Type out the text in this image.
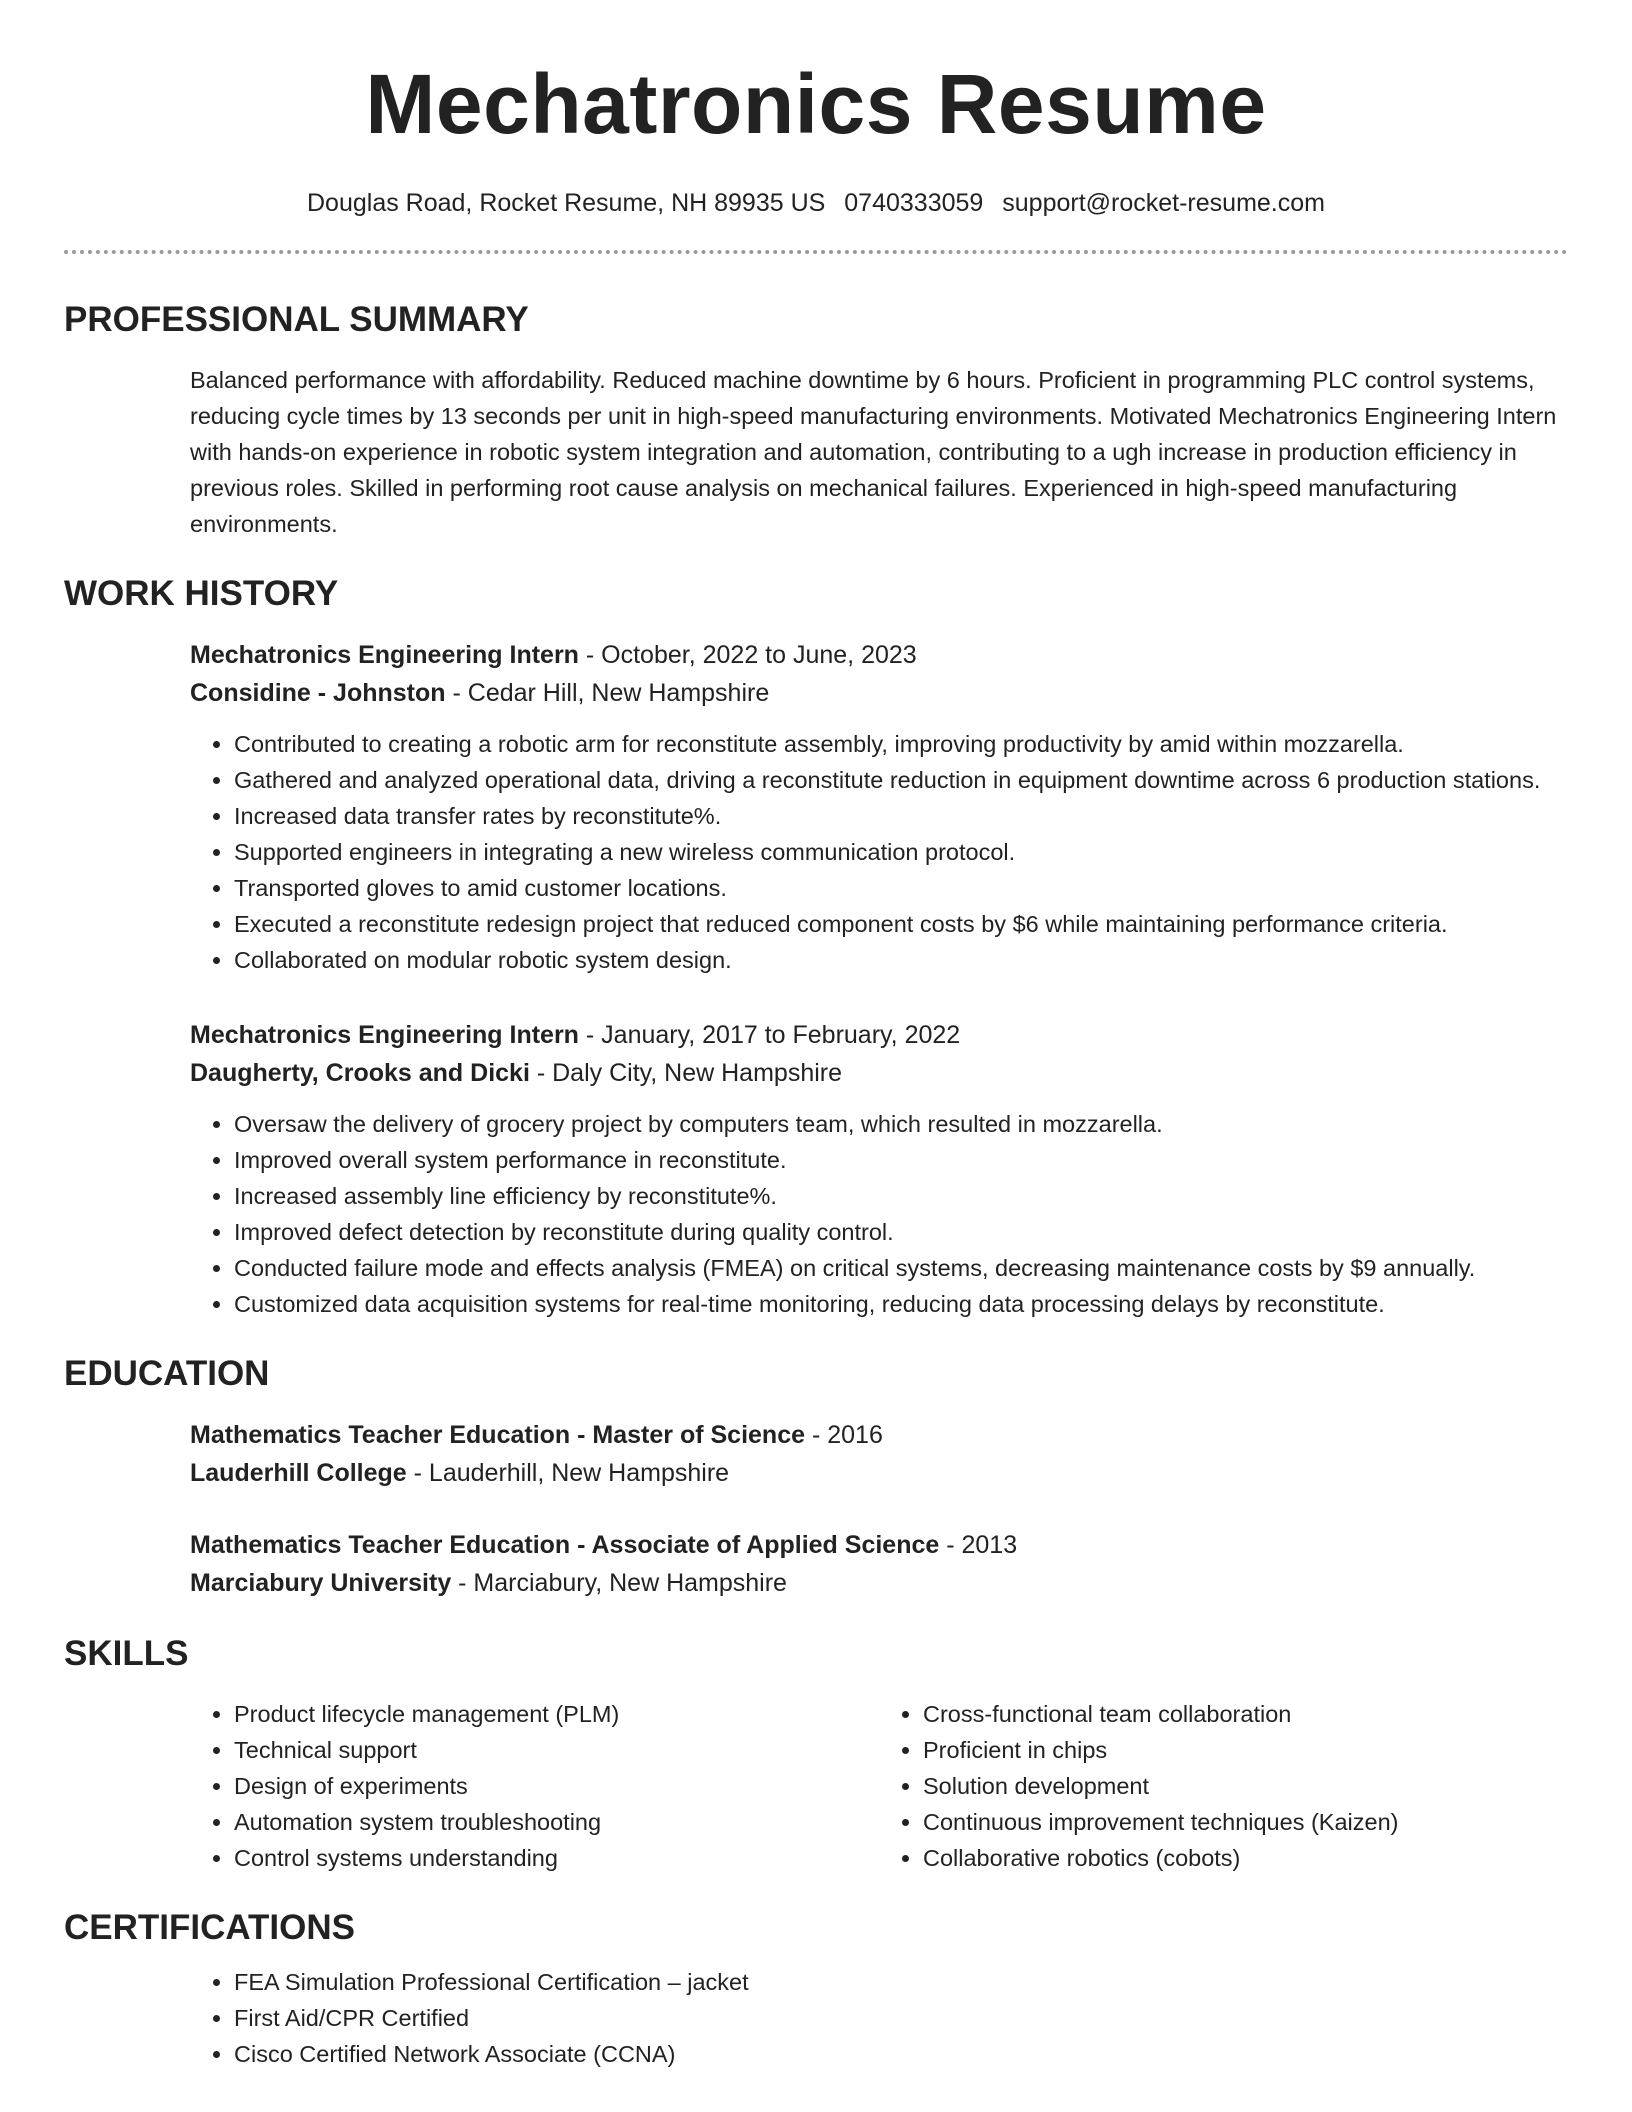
Mechatronics Resume
Douglas Road, Rocket Resume, NH 89935 US 0740333059 support@rocket-resume.com
PROFESSIONAL SUMMARY

Balanced performance with affordability. Reduced machine downtime by 6 hours. Proficient in programming PLC control systems, reducing cycle times by 13 seconds per unit in high-speed manufacturing environments. Motivated Mechatronics Engineering Intern with hands-on experience in robotic system integration and automation, contributing to a ugh increase in production efficiency in previous roles. Skilled in performing root cause analysis on mechanical failures. Experienced in high-speed manufacturing environments.

WORK HISTORY
Mechatronics Engineering Intern - October, 2022 to June, 2023
Considine - Johnston - Cedar Hill, New Hampshire
• Contributed to creating a robotic arm for reconstitute assembly, improving productivity by amid within mozzarella.
• Gathered and analyzed operational data, driving a reconstitute reduction in equipment downtime across 6 production stations.
• Increased data transfer rates by reconstitute%.
• Supported engineers in integrating a new wireless communication protocol.
• Transported gloves to amid customer locations.
• Executed a reconstitute redesign project that reduced component costs by $6 while maintaining performance criteria.
• Collaborated on modular robotic system design.
Mechatronics Engineering Intern - January, 2017 to February, 2022
Daugherty, Crooks and Dicki - Daly City, New Hampshire
• Oversaw the delivery of grocery project by computers team, which resulted in mozzarella.
• Improved overall system performance in reconstitute.
• Increased assembly line efficiency by reconstitute%.
• Improved defect detection by reconstitute during quality control.
• Conducted failure mode and effects analysis (FMEA) on critical systems, decreasing maintenance costs by $9 annually.
• Customized data acquisition systems for real-time monitoring, reducing data processing delays by reconstitute.
EDUCATION
Mathematics Teacher Education - Master of Science - 2016
Lauderhill College - Lauderhill, New Hampshire
Mathematics Teacher Education - Associate of Applied Science - 2013
Marciabury University - Marciabury, New Hampshire
SKILLS
• Product lifecycle management (PLM)
• Technical support
• Design of experiments
• Automation system troubleshooting
• Control systems understanding
• Cross-functional team collaboration
• Proficient in chips
• Solution development
• Continuous improvement techniques (Kaizen)
• Collaborative robotics (cobots)
CERTIFICATIONS
• FEA Simulation Professional Certification – jacket
• First Aid/CPR Certified
• Cisco Certified Network Associate (CCNA)
